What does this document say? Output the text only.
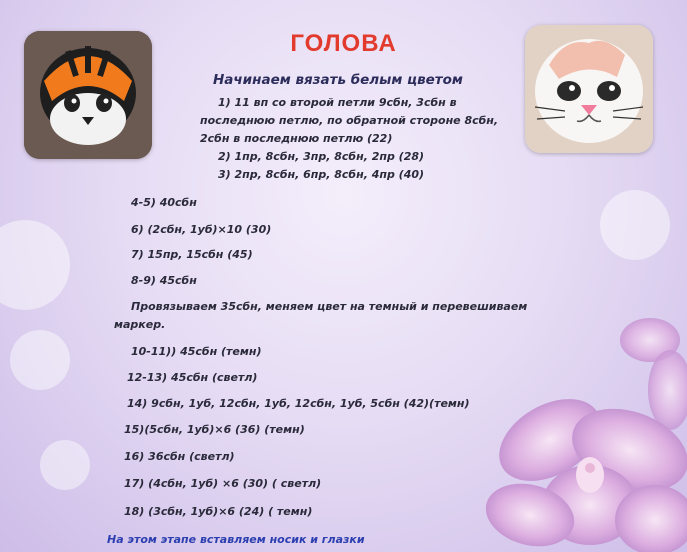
ГОЛОВА
Начинаем вязать белым цветом
1) 11 вп со второй петли 9сбн, 3сбн в
последнюю петлю, по обратной стороне 8сбн,
2сбн в последнюю петлю (22)
2) 1пр, 8сбн, 3пр, 8сбн, 2пр (28)
3) 2пр, 8сбн, 6пр, 8сбн, 4пр (40)
4-5) 40сбн
6) (2сбн, 1уб)×10 (30)
7) 15пр, 15сбн (45)
8-9) 45сбн
Провязываем 35сбн, меняем цвет на темный и перевешиваем
маркер.
10-11)) 45сбн (темн)
12-13) 45сбн (светл)
14) 9сбн, 1уб, 12сбн, 1уб, 12сбн, 1уб, 5сбн (42)(темн)
15)(5сбн, 1уб)×6 (36) (темн)
16) 36сбн (светл)
17) (4сбн, 1уб) ×6 (30) ( светл)
18) (3сбн, 1уб)×6 (24) ( темн)
На этом этапе вставляем носик и глазки
